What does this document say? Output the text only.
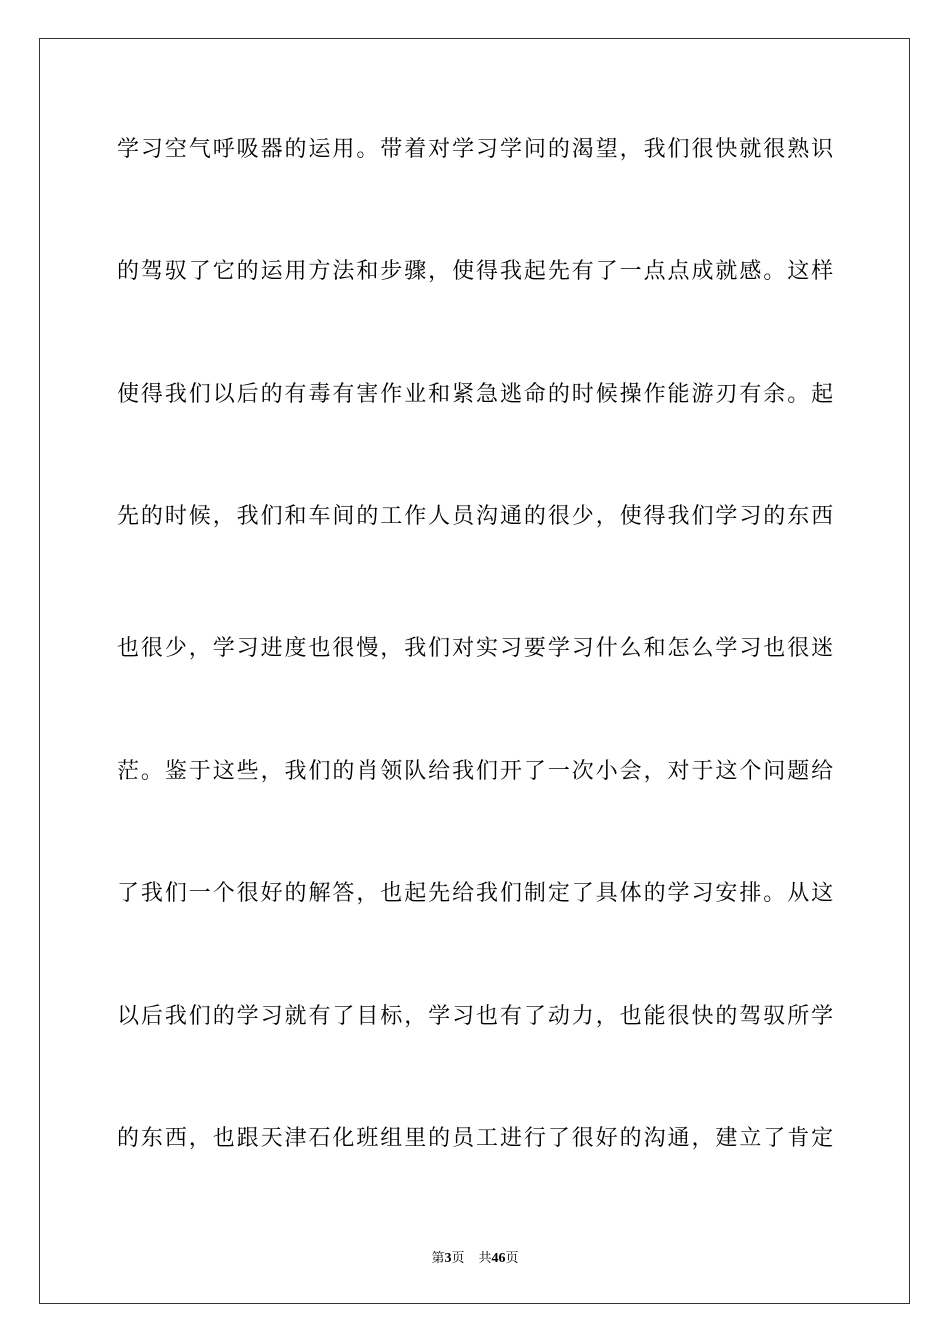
学习空气呼吸器的运用。带着对学习学问的渴望，我们很快就很熟识
的驾驭了它的运用方法和步骤，使得我起先有了一点点成就感。这样
使得我们以后的有毒有害作业和紧急逃命的时候操作能游刃有余。起
先的时候，我们和车间的工作人员沟通的很少，使得我们学习的东西
也很少，学习进度也很慢，我们对实习要学习什么和怎么学习也很迷
茫。鉴于这些，我们的肖领队给我们开了一次小会，对于这个问题给
了我们一个很好的解答，也起先给我们制定了具体的学习安排。从这
以后我们的学习就有了目标，学习也有了动力，也能很快的驾驭所学
的东西，也跟天津石化班组里的员工进行了很好的沟通，建立了肯定
第3页 共46页
